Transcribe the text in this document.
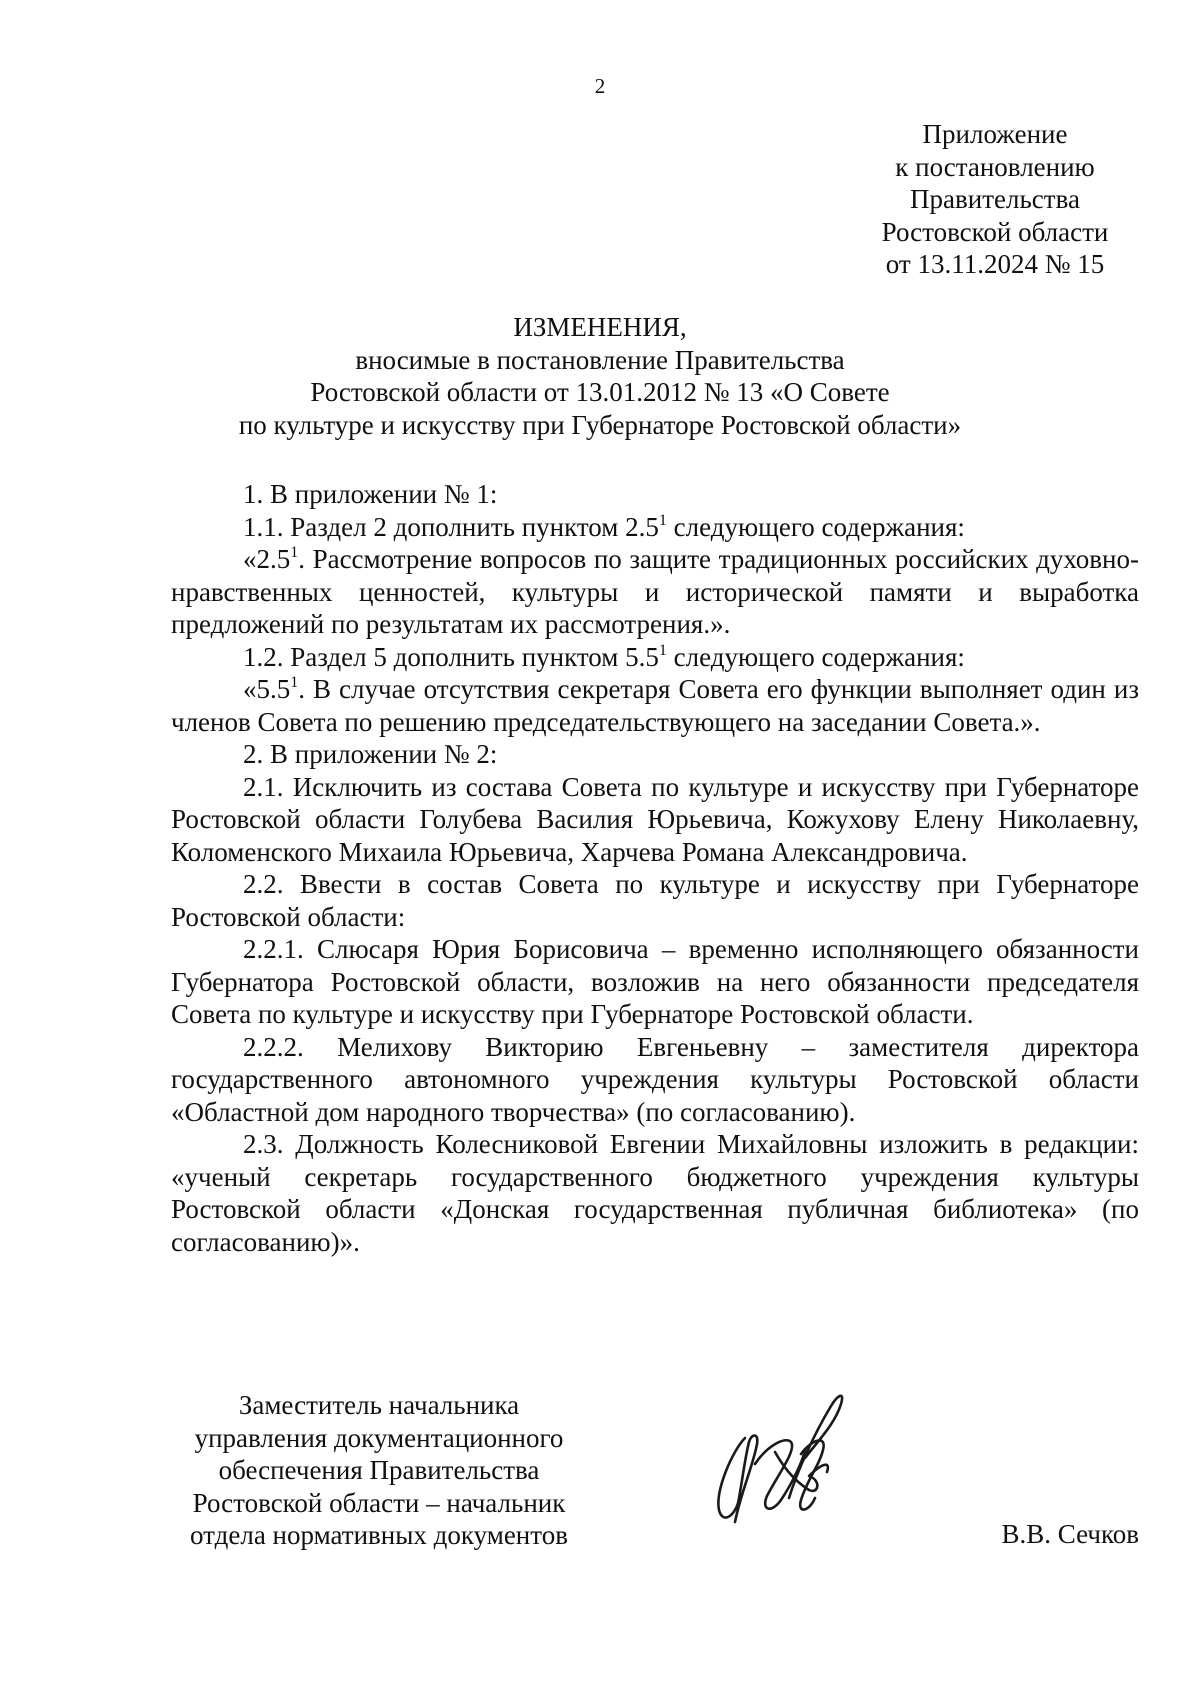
2
Приложение
к постановлению
Правительства
Ростовской области
от 13.11.2024 № 15
ИЗМЕНЕНИЯ,
вносимые в постановление Правительства
Ростовской области от 13.01.2012 № 13 «О Совете
по культуре и искусству при Губернаторе Ростовской области»

1. В приложении № 1:

1.1. Раздел 2 дополнить пунктом $2.5^1$ следующего содержания:

«$2.5^1$. Рассмотрение вопросов по защите традиционных российских духовно-нравственных ценностей, культуры и исторической памяти и выработка предложений по результатам их рассмотрения.».

1.2. Раздел 5 дополнить пунктом $5.5^1$ следующего содержания:

«$5.5^1$. В случае отсутствия секретаря Совета его функции выполняет один из членов Совета по решению председательствующего на заседании Совета.».

2. В приложении № 2:

2.1. Исключить из состава Совета по культуре и искусству при Губернаторе Ростовской области Голубева Василия Юрьевича, Кожухову Елену Николаевну, Коломенского Михаила Юрьевича, Харчева Романа Александровича.

2.2. Ввести в состав Совета по культуре и искусству при Губернаторе Ростовской области:

2.2.1. Слюсаря Юрия Борисовича – временно исполняющего обязанности Губернатора Ростовской области, возложив на него обязанности председателя Совета по культуре и искусству при Губернаторе Ростовской области.

2.2.2. Мелихову Викторию Евгеньевну – заместителя директора государственного автономного учреждения культуры Ростовской области «Областной дом народного творчества» (по согласованию).

2.3. Должность Колесниковой Евгении Михайловны изложить в редакции: «ученый секретарь государственного бюджетного учреждения культуры Ростовской области «Донская государственная публичная библиотека» (по согласованию)».

Заместитель начальника
управления документационного
обеспечения Правительства
Ростовской области – начальник
отдела нормативных документов	В.В. Сечков
